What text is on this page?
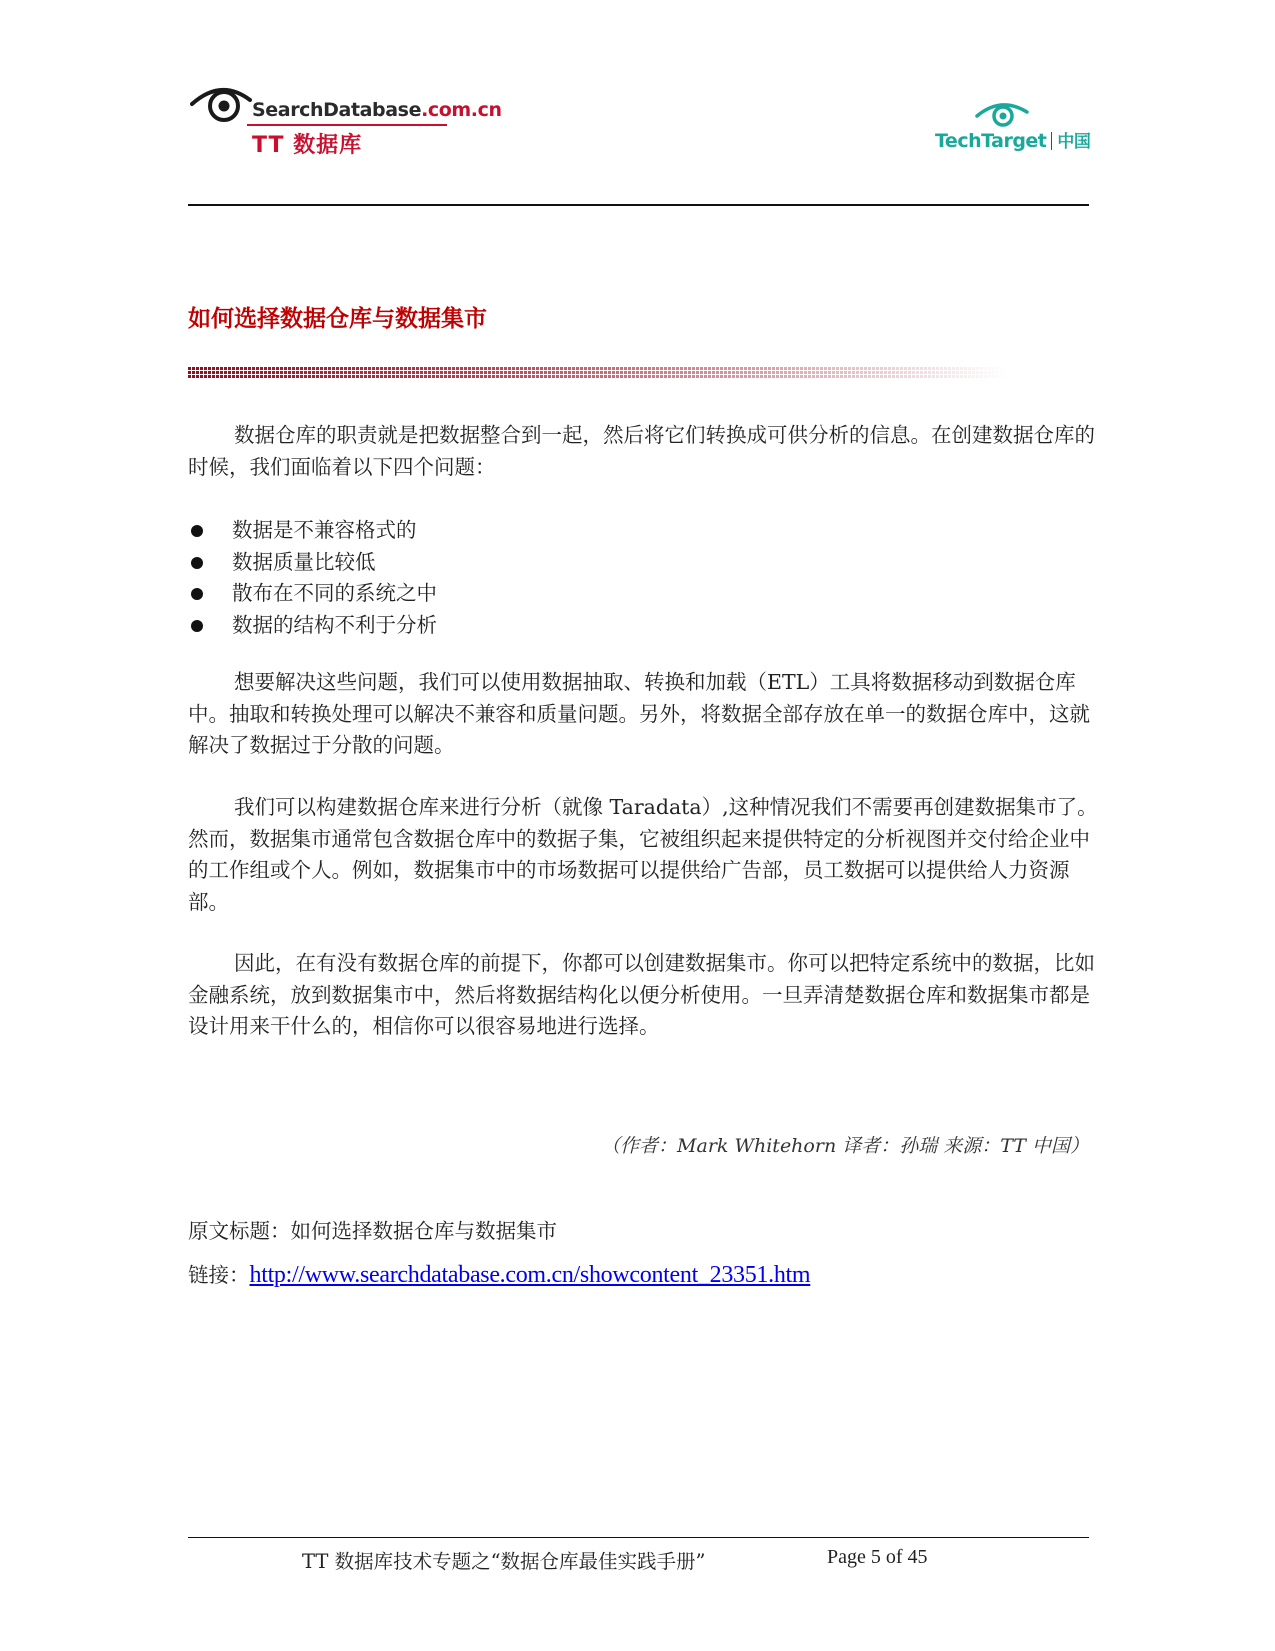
SearchDatabase.com.cn
TT 数据库	TechTarget 中国
如何选择数据仓库与数据集市

数据仓库的职责就是把数据整合到一起，然后将它们转换成可供分析的信息。在创建数据仓库的时候，我们面临着以下四个问题：

数据是不兼容格式的
数据质量比较低
散布在不同的系统之中
数据的结构不利于分析

想要解决这些问题，我们可以使用数据抽取、转换和加载（ETL）工具将数据移动到数据仓库中。抽取和转换处理可以解决不兼容和质量问题。另外，将数据全部存放在单一的数据仓库中，这就解决了数据过于分散的问题。

我们可以构建数据仓库来进行分析（就像 Taradata）,这种情况我们不需要再创建数据集市了。然而，数据集市通常包含数据仓库中的数据子集，它被组织起来提供特定的分析视图并交付给企业中的工作组或个人。例如，数据集市中的市场数据可以提供给广告部，员工数据可以提供给人力资源部。

因此，在有没有数据仓库的前提下，你都可以创建数据集市。你可以把特定系统中的数据，比如金融系统，放到数据集市中，然后将数据结构化以便分析使用。一旦弄清楚数据仓库和数据集市都是设计用来干什么的，相信你可以很容易地进行选择。

（作者：Mark Whitehorn 译者：孙瑞 来源：TT 中国）
原文标题：如何选择数据仓库与数据集市
链接：http://www.searchdatabase.com.cn/showcontent_23351.htm
TT 数据库技术专题之“数据仓库最佳实践手册”	Page 5 of 45
